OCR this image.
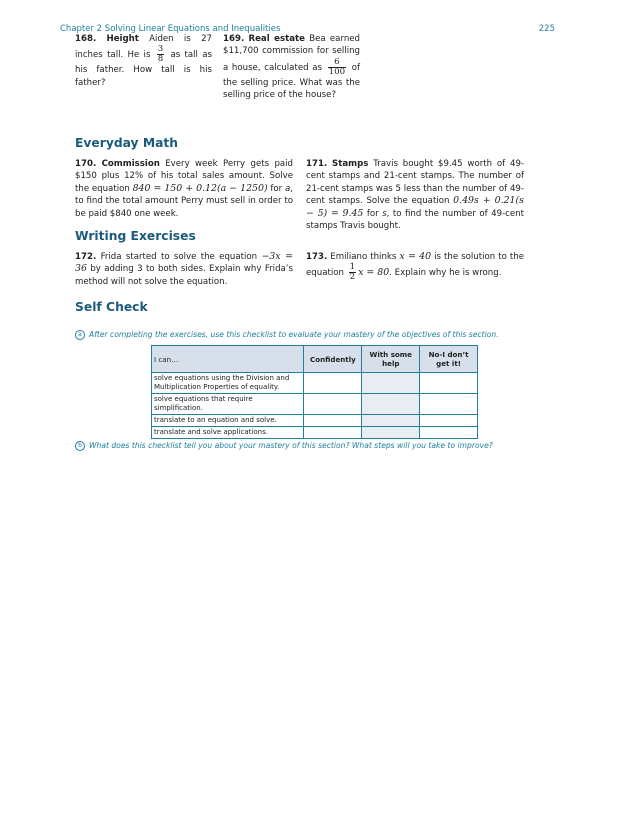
Chapter 2 Solving Linear Equations and Inequalities	225
168. Height Aiden is 27 inches tall. He is $\frac{3}{8}$ as tall as his father. How tall is his father?
169. Real estate Bea earned $11,700 commission for selling a house, calculated as $\frac{6}{100}$ of the selling price. What was the selling price of the house?
Everyday Math
170. Commission Every week Perry gets paid $150 plus 12% of his total sales amount. Solve the equation 840 = 150 + 0.12(a − 1250) for a, to find the total amount Perry must sell in order to be paid $840 one week.
171. Stamps Travis bought $9.45 worth of 49-cent stamps and 21-cent stamps. The number of 21-cent stamps was 5 less than the number of 49-cent stamps. Solve the equation 0.49s + 0.21(s − 5) = 9.45 for s, to find the number of 49-cent stamps Travis bought.
Writing Exercises
172. Frida started to solve the equation −3x = 36 by adding 3 to both sides. Explain why Frida’s method will not solve the equation.
173. Emiliano thinks x = 40 is the solution to the equation $\frac{1}{2}$ x = 80. Explain why he is wrong.
Self Check
a After completing the exercises, use this checklist to evaluate your mastery of the objectives of this section.
I can…	Confidently	With some help	No-I don’t get it!
solve equations using the Division and Multiplication Properties of equality.			
solve equations that require simplification.			
translate to an equation and solve.			
translate and solve applications.			
b What does this checklist tell you about your mastery of this section? What steps will you take to improve?
